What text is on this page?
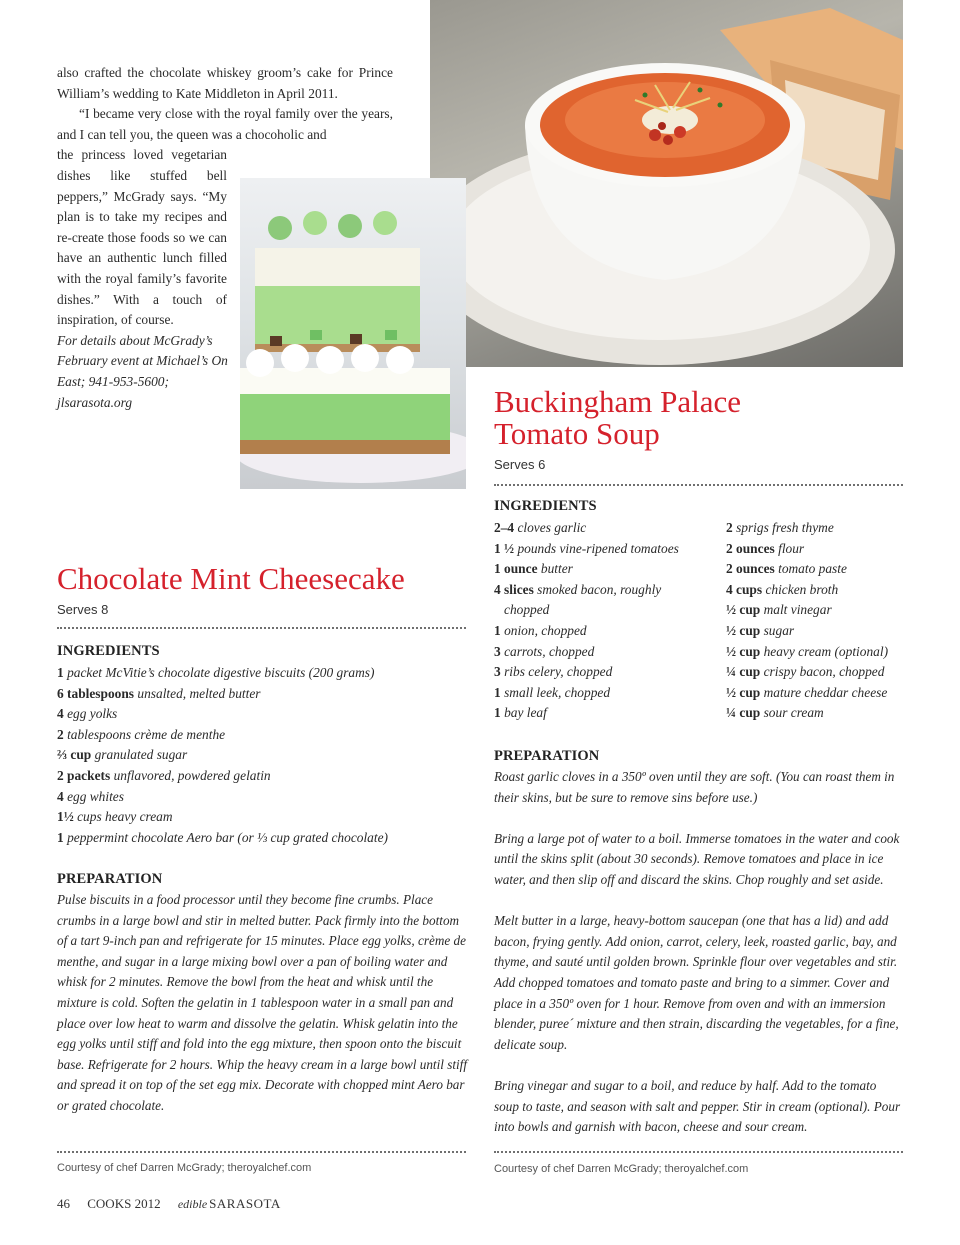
also crafted the chocolate whiskey groom’s cake for Prince William’s wedding to Kate Middleton in April 2011.

“I became very close with the royal family over the years, and I can tell you, the queen was a chocoholic and

the princess loved vegetarian dishes like stuffed bell peppers,” McGrady says. “My plan is to take my recipes and re-create those foods so we can have an authentic lunch filled with the royal family’s favorite dishes.” With a touch of inspiration, of course.

For details about McGrady’s February event at Michael’s On East; 941-953-5600; jlsarasota.org

Chocolate Mint Cheesecake
Serves 8
INGREDIENTS

1 packet McVitie’s chocolate digestive biscuits (200 grams)

6 tablespoons unsalted, melted butter

4 egg yolks

2 tablespoons crème de menthe

⅔ cup granulated sugar

2 packets unflavored, powdered gelatin

4 egg whites

1½ cups heavy cream

1 peppermint chocolate Aero bar (or ⅓ cup grated chocolate)

PREPARATION

Pulse biscuits in a food processor until they become fine crumbs. Place crumbs in a large bowl and stir in melted butter. Pack firmly into the bottom of a tart 9-inch pan and refrigerate for 15 minutes. Place egg yolks, crème de menthe, and sugar in a large mixing bowl over a pan of boiling water and whisk for 2 minutes. Remove the bowl from the heat and whisk until the mixture is cold. Soften the gelatin in 1 tablespoon water in a small pan and place over low heat to warm and dissolve the gelatin. Whisk gelatin into the egg yolks until stiff and fold into the egg mixture, then spoon onto the biscuit base. Refrigerate for 2 hours. Whip the heavy cream in a large bowl until stiff and spread it on top of the set egg mix. Decorate with chopped mint Aero bar or grated chocolate.

Courtesy of chef Darren McGrady; theroyalchef.com
Buckingham Palace
Tomato Soup
Serves 6
INGREDIENTS

2–4 cloves garlic

1 ½ pounds vine-ripened tomatoes

1 ounce butter

4 slices smoked bacon, roughly

chopped

1 onion, chopped

3 carrots, chopped

3 ribs celery, chopped

1 small leek, chopped

1 bay leaf

2 sprigs fresh thyme

2 ounces flour

2 ounces tomato paste

4 cups chicken broth

½ cup malt vinegar

½ cup sugar

½ cup heavy cream (optional)

¼ cup crispy bacon, chopped

½ cup mature cheddar cheese

¼ cup sour cream

PREPARATION

Roast garlic cloves in a 350º oven until they are soft. (You can roast them in their skins, but be sure to remove sins before use.)

Bring a large pot of water to a boil. Immerse tomatoes in the water and cook until the skins split (about 30 seconds). Remove tomatoes and place in ice water, and then slip off and discard the skins. Chop roughly and set aside.

Melt butter in a large, heavy-bottom saucepan (one that has a lid) and add bacon, frying gently. Add onion, carrot, celery, leek, roasted garlic, bay, and thyme, and sauté until golden brown. Sprinkle flour over vegetables and stir. Add chopped tomatoes and tomato paste and bring to a simmer. Cover and place in a 350º oven for 1 hour. Remove from oven and with an immersion blender, puree´ mixture and then strain, discarding the vegetables, for a fine, delicate soup.

Bring vinegar and sugar to a boil, and reduce by half. Add to the tomato soup to taste, and season with salt and pepper. Stir in cream (optional). Pour into bowls and garnish with bacon, cheese and sour cream.

Courtesy of chef Darren McGrady; theroyalchef.com
46 COOKS 2012 edible SARASOTA
